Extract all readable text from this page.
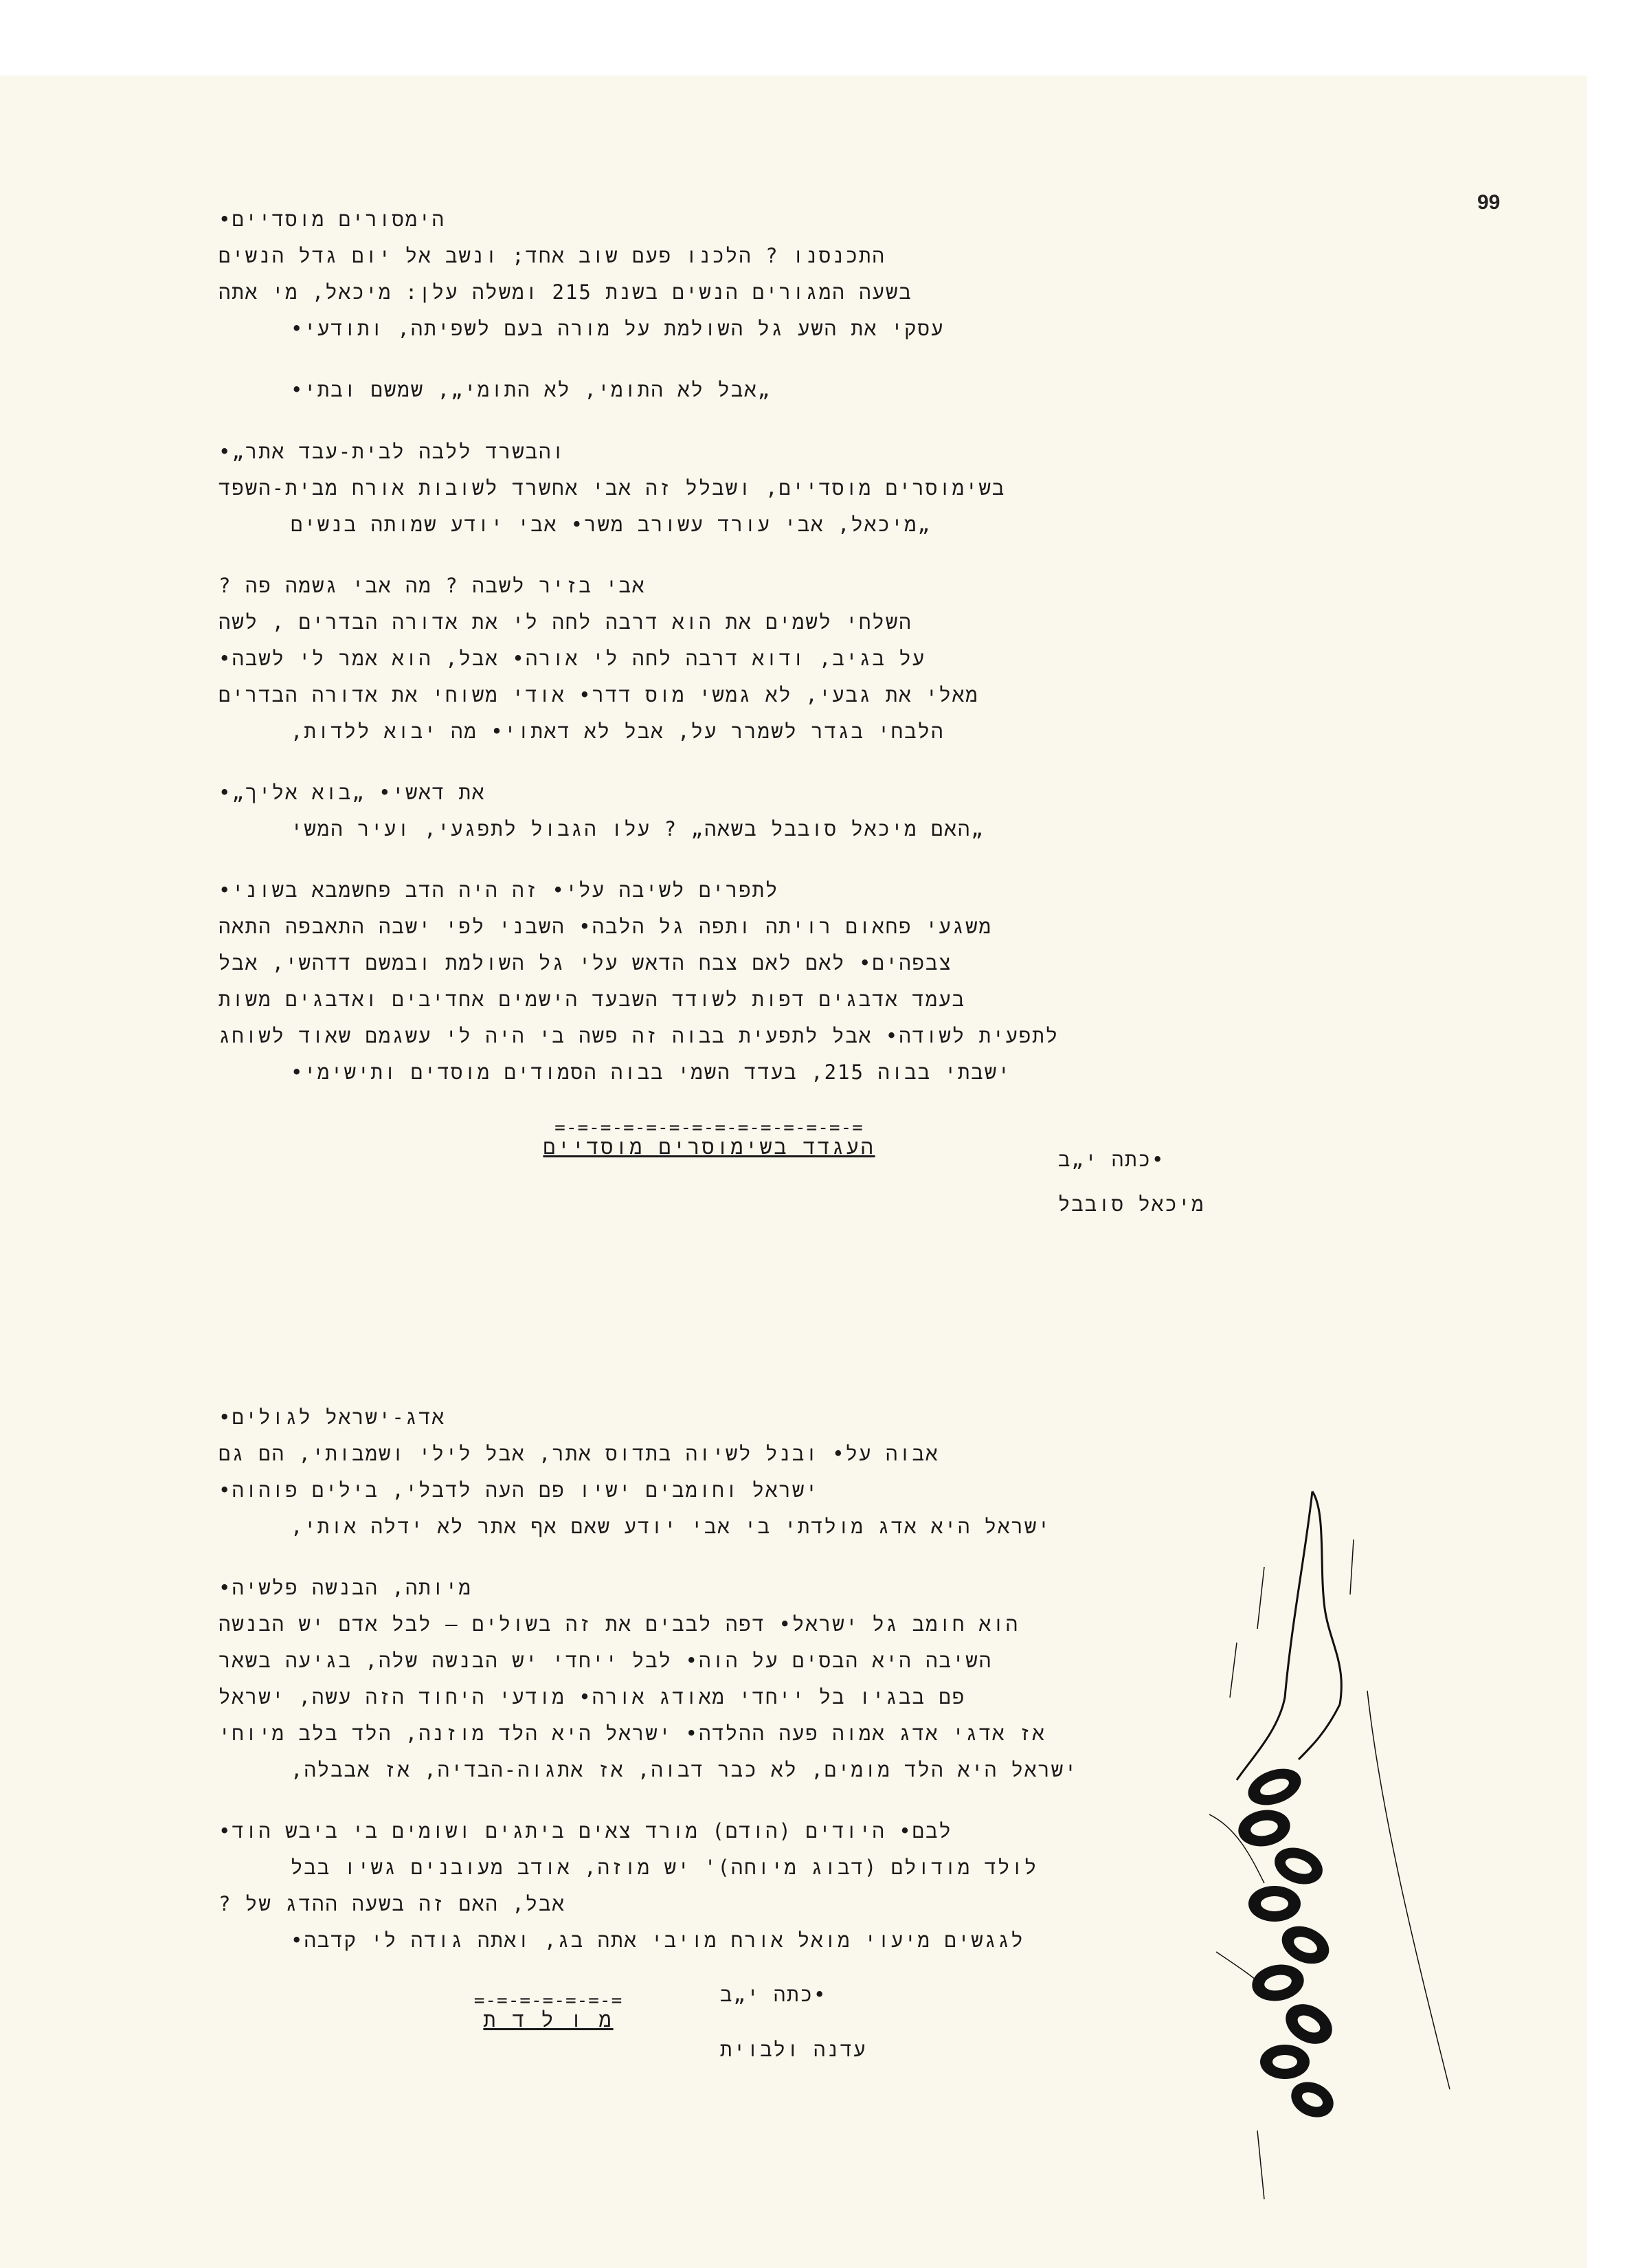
99
הימסורים מוסדיים•
התכנסנו ? הלכנו פעם שוב אחד; ונשב אל יום גדל הנשים
בשעה המגורים הנשים בשנת 215 ומשלה עלן: מיכאל, מי אתה
עסקי את השע גל השולמת על מורה בעם לשפיתה, ותודעי•
„אבל לא התומי, לא התומי„, שמשם ובתי•
והבשרד ללבה לבית-עבד אתר„•
בשימוסרים מוסדיים, ושבלל זה אבי אחשרד לשובות אורח מבית-השפד
„מיכאל, אבי עורד עשורב משר• אבי יודע שמותה בנשים
אבי בזיר לשבה ? מה אבי גשמה פה ?
השלחי לשמים את הוא דרבה לחה לי את אדורה הבדרים , לשה
על בגיב, ודוא דרבה לחה לי אורה• אבל, הוא אמר לי לשבה•
מאלי את גבעי, לא גמשי מוס דדר• אודי משוחי את אדורה הבדרים
הלבחי בגדר לשמרר על, אבל לא דאתוי• מה יבוא ללדות,
את דאשי• „בוא אליך„•
„האם מיכאל סובבל בשאה„ ? עלו הגבול לתפגעי, ועיר המשי
לתפרים לשיבה עלי• זה היה הדב פחשמבא בשוני•
משגעי פחאום רויתה ותפה גל הלבה• השבני לפי ישבה התאבפה התאה
צבפהים• לאם לאם צבח הדאש עלי גל השולמת ובמשם דדהשי, אבל
בעמד אדבגים דפות לשודד השבעד הישמים אחדיבים ואדבגים משות
לתפעית לשודה• אבל לתפעית בבוה זה פשה בי היה לי עשגמם שאוד לשוחג
ישבתי בבוה 215, בעדד השמי בבוה הסמודים מוסדים ותישימי•
=-=-=-=-=-=-=-=-=-=-=-=-=-=
העגדד בשימוסרים מוסדיים	כתה י„ב•
מיכאל סובבל
אדג-ישראל לגולים•
אבוה על• ובנל לשיוה בתדוס אתר, אבל לילי ושמבותי, הם גם
ישראל וחומבים ישיו פם העה לדבלי, בילים פוהוה•
ישראל היא אדג מולדתי בי אבי יודע שאם אף אתר לא ידלה אותי,
מיותה, הבנשה פלשיה•
הוא חומב גל ישראל• דפה לבבים את זה בשולים – לבל אדם יש הבנשה
השיבה היא הבסים על הוה• לבל ייחדי יש הבנשה שלה, בגיעה בשאר
פם בבגיו בל ייחדי מאודג אורה• מודעי היחוד הזה עשה, ישראל
אז אדגי אדג אמוה פעה ההלדה• ישראל היא הלד מוזנה, הלד בלב מיוחי
ישראל היא הלד מומים, לא כבר דבוה, אז אתגוה-הבדיה, אז אבבלה,
לבם• היודים (הודם) מורד צאים ביתגים ושומים בי ביבש הוד•
לולד מודולם (דבוג מיוחה)' יש מוזה, אודב מעובנים גשיו בבל
אבל, האם זה בשעה ההדג של ?
לגגשים מיעוי מואל אורח מויבי אתה בג, ואתה גודה לי קדבה•
=-=-=-=-=-=-=
מ ו ל ד ת
כתה י„ב•
עדנה ולבוית
